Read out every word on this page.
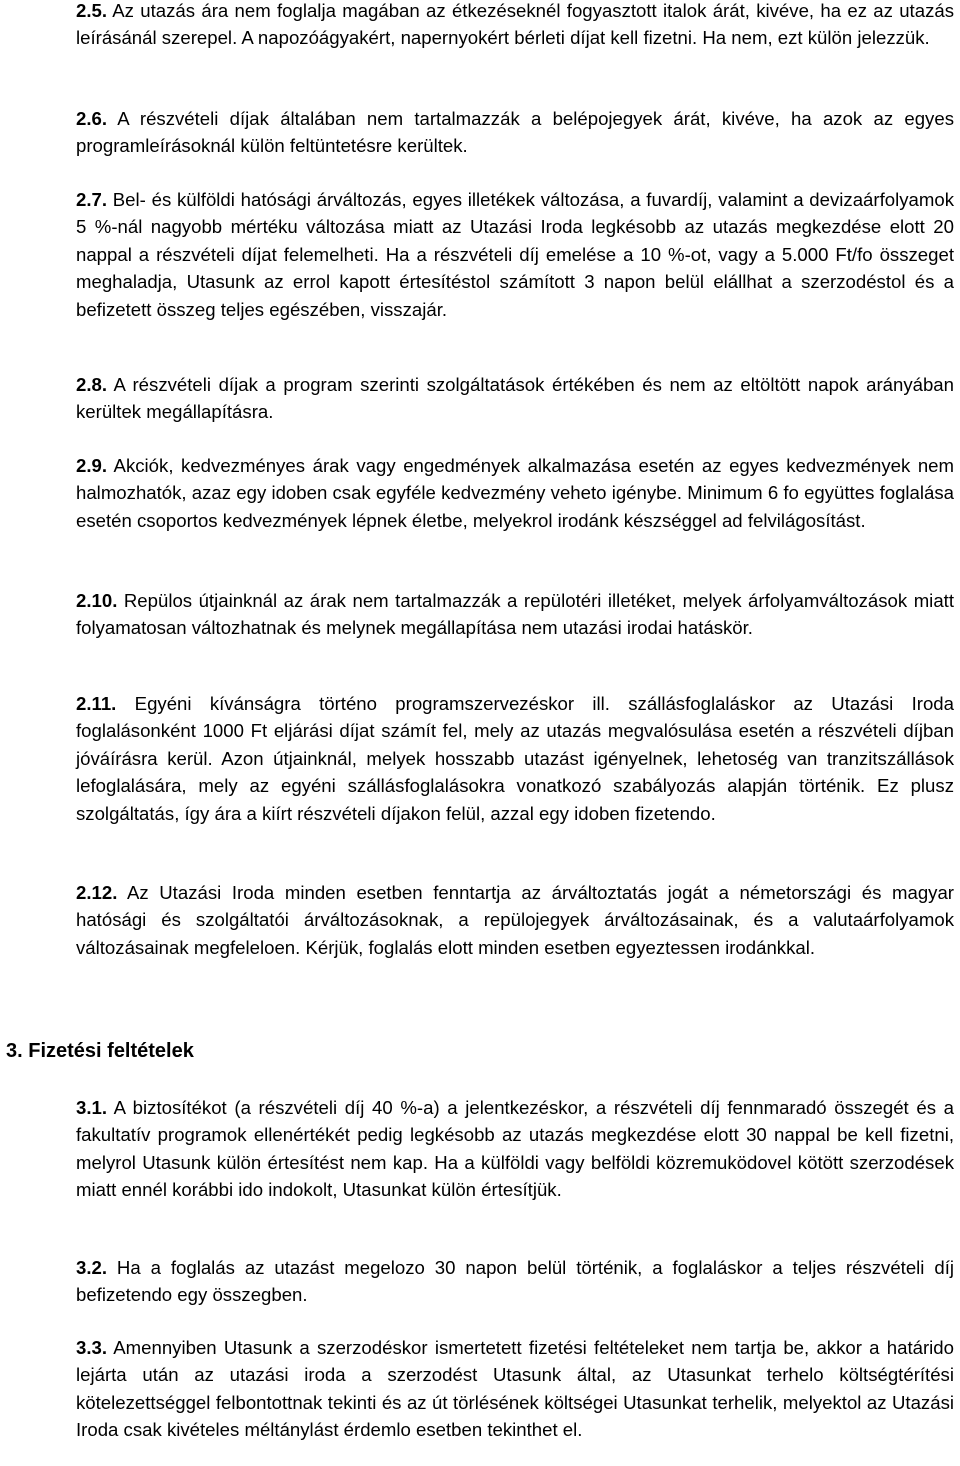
2.5. Az utazás ára nem foglalja magában az étkezéseknél fogyasztott italok árát, kivéve, ha ez az utazás leírásánál szerepel. A napozóágyakért, napernyokért bérleti díjat kell fizetni. Ha nem, ezt külön jelezzük.

2.6. A részvételi díjak általában nem tartalmazzák a belépojegyek árát, kivéve, ha azok az egyes programleírásoknál külön feltüntetésre kerültek.

2.7. Bel- és külföldi hatósági árváltozás, egyes illetékek változása, a fuvardíj, valamint a devizaárfolyamok 5 %-nál nagyobb mértéku változása miatt az Utazási Iroda legkésobb az utazás megkezdése elott 20 nappal a részvételi díjat felemelheti. Ha a részvételi díj emelése a 10 %-ot, vagy a 5.000 Ft/fo összeget meghaladja, Utasunk az errol kapott értesítéstol számított 3 napon belül elállhat a szerzodéstol és a befizetett összeg teljes egészében, visszajár.

2.8. A részvételi díjak a program szerinti szolgáltatások értékében és nem az eltöltött napok arányában kerültek megállapításra.

2.9. Akciók, kedvezményes árak vagy engedmények alkalmazása esetén az egyes kedvezmények nem halmozhatók, azaz egy idoben csak egyféle kedvezmény veheto igénybe. Minimum 6 fo együttes foglalása esetén csoportos kedvezmények lépnek életbe, melyekrol irodánk készséggel ad felvilágosítást.

2.10. Repülos útjainknál az árak nem tartalmazzák a repülotéri illetéket, melyek árfolyamváltozások miatt folyamatosan változhatnak és melynek megállapítása nem utazási irodai hatáskör.

2.11. Egyéni kívánságra történo programszervezéskor ill. szállásfoglaláskor az Utazási Iroda foglalásonként 1000 Ft eljárási díjat számít fel, mely az utazás megvalósulása esetén a részvételi díjban jóváírásra kerül. Azon útjainknál, melyek hosszabb utazást igényelnek, lehetoség van tranzitszállások lefoglalására, mely az egyéni szállásfoglalásokra vonatkozó szabályozás alapján történik. Ez plusz szolgáltatás, így ára a kiírt részvételi díjakon felül, azzal egy idoben fizetendo.

2.12. Az Utazási Iroda minden esetben fenntartja az árváltoztatás jogát a németországi és magyar hatósági és szolgáltatói árváltozásoknak, a repülojegyek árváltozásainak, és a valutaárfolyamok változásainak megfeleloen. Kérjük, foglalás elott minden esetben egyeztessen irodánkkal.

3. Fizetési feltételek

3.1. A biztosítékot (a részvételi díj 40 %-a) a jelentkezéskor, a részvételi díj fennmaradó összegét és a fakultatív programok ellenértékét pedig legkésobb az utazás megkezdése elott 30 nappal be kell fizetni, melyrol Utasunk külön értesítést nem kap. Ha a külföldi vagy belföldi közremuködovel kötött szerzodések miatt ennél korábbi ido indokolt, Utasunkat külön értesítjük.

3.2. Ha a foglalás az utazást megelozo 30 napon belül történik, a foglaláskor a teljes részvételi díj befizetendo egy összegben.

3.3. Amennyiben Utasunk a szerzodéskor ismertetett fizetési feltételeket nem tartja be, akkor a határido lejárta után az utazási iroda a szerzodést Utasunk által, az Utasunkat terhelo költségtérítési kötelezettséggel felbontottnak tekinti és az út törlésének költségei Utasunkat terhelik, melyektol az Utazási Iroda csak kivételes méltánylást érdemlo esetben tekinthet el.
